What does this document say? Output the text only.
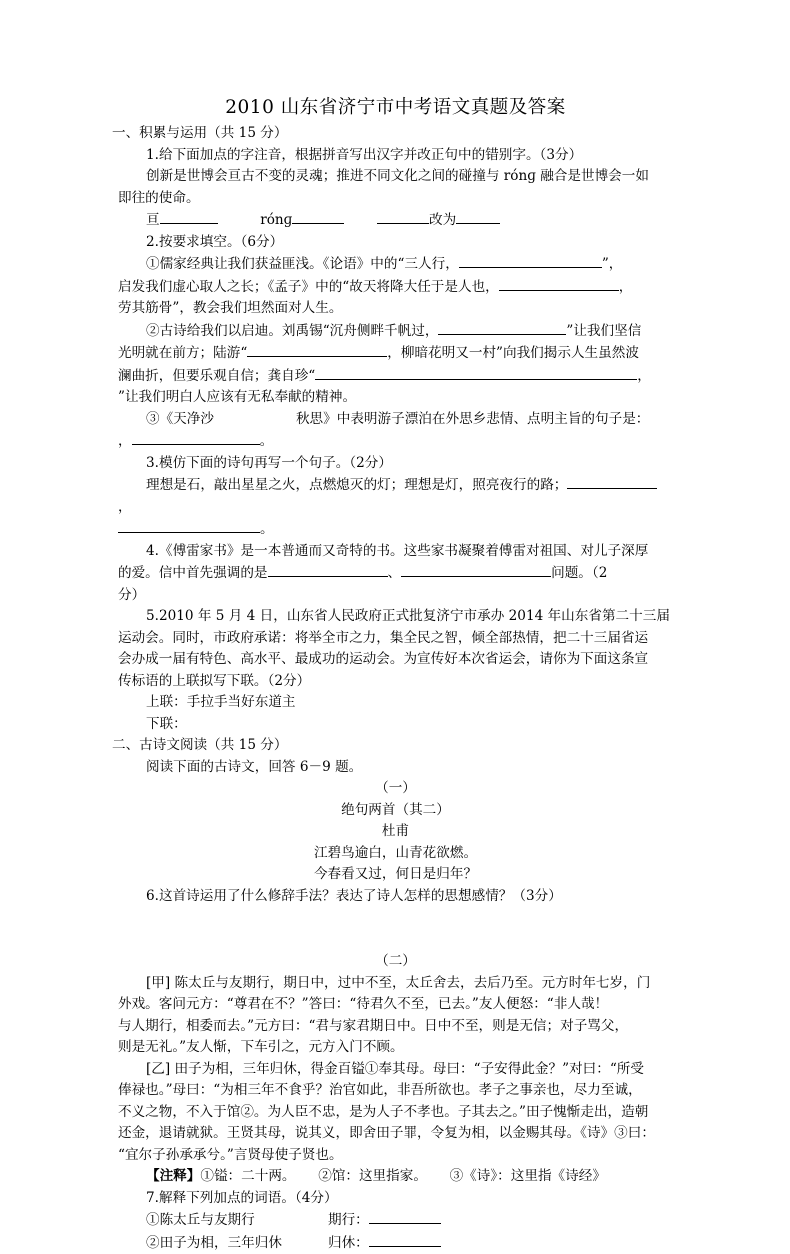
2010 山东省济宁市中考语文真题及答案
一、积累与运用（共 15 分）
1.给下面加点的字注音，根据拼音写出汉字并改正句中的错别字。（3分）
创新是世博会亘古不变的灵魂；推进不同文化之间的碰撞与 rónɡ 融合是世博会一如
即往的使命。
亘	rónɡ	改为
2.按要求填空。（6分）
①儒家经典让我们获益匪浅。《论语》中的“三人行，	”，
启发我们虚心取人之长；《孟子》中的“故天将降大任于是人也，	，
劳其筋骨”，教会我们坦然面对人生。
②古诗给我们以启迪。刘禹锡“沉舟侧畔千帆过，	”让我们坚信
光明就在前方；陆游“	，柳暗花明又一村”向我们揭示人生虽然波
澜曲折，但要乐观自信；龚自珍“	，
”让我们明白人应该有无私奉献的精神。
③《天净沙	秋思》中表明游子漂泊在外思乡悲情、点明主旨的句子是：
，	。
3.模仿下面的诗句再写一个句子。（2分）
理想是石，敲出星星之火，点燃熄灭的灯；理想是灯，照亮夜行的路；
，
。
4.《傅雷家书》是一本普通而又奇特的书。这些家书凝聚着傅雷对祖国、对儿子深厚
的爱。信中首先强调的是	、	问题。（2
分）
5.2010 年 5 月 4 日，山东省人民政府正式批复济宁市承办 2014 年山东省第二十三届
运动会。同时，市政府承诺：将举全市之力，集全民之智，倾全部热情，把二十三届省运
会办成一届有特色、高水平、最成功的运动会。为宣传好本次省运会，请你为下面这条宣
传标语的上联拟写下联。（2分）
上联：手拉手当好东道主
下联：
二、古诗文阅读（共 15 分）
阅读下面的古诗文，回答 6－9 题。
（一）
绝句两首（其二）
杜甫
江碧鸟逾白，山青花欲燃。
今春看又过，何日是归年？
6.这首诗运用了什么修辞手法？表达了诗人怎样的思想感情？（3分）
（二）
[甲] 陈太丘与友期行，期日中，过中不至，太丘舍去，去后乃至。元方时年七岁，门
外戏。客问元方：“尊君在不？”答曰：“待君久不至，已去。”友人便怒：“非人哉！
与人期行，相委而去。”元方曰：“君与家君期日中。日中不至，则是无信；对子骂父，
则是无礼。”友人惭，下车引之，元方入门不顾。
[乙] 田子为相，三年归休，得金百镒①奉其母。母曰：“子安得此金？”对曰：“所受
俸禄也。”母曰：“为相三年不食乎？治官如此，非吾所欲也。孝子之事亲也，尽力至诚，
不义之物，不入于馆②。为人臣不忠，是为人子不孝也。子其去之。”田子愧惭走出，造朝
还金，退请就狱。王贤其母，说其义，即舍田子罪，令复为相，以金赐其母。《诗》③曰：
“宜尔子孙承承兮。”言贤母使子贤也。
【注释】①镒：二十两。 ②馆：这里指家。 ③《诗》：这里指《诗经》
7.解释下列加点的词语。（4分）
①陈太丘与友期行	期行：
②田子为相，三年归休	归休：
